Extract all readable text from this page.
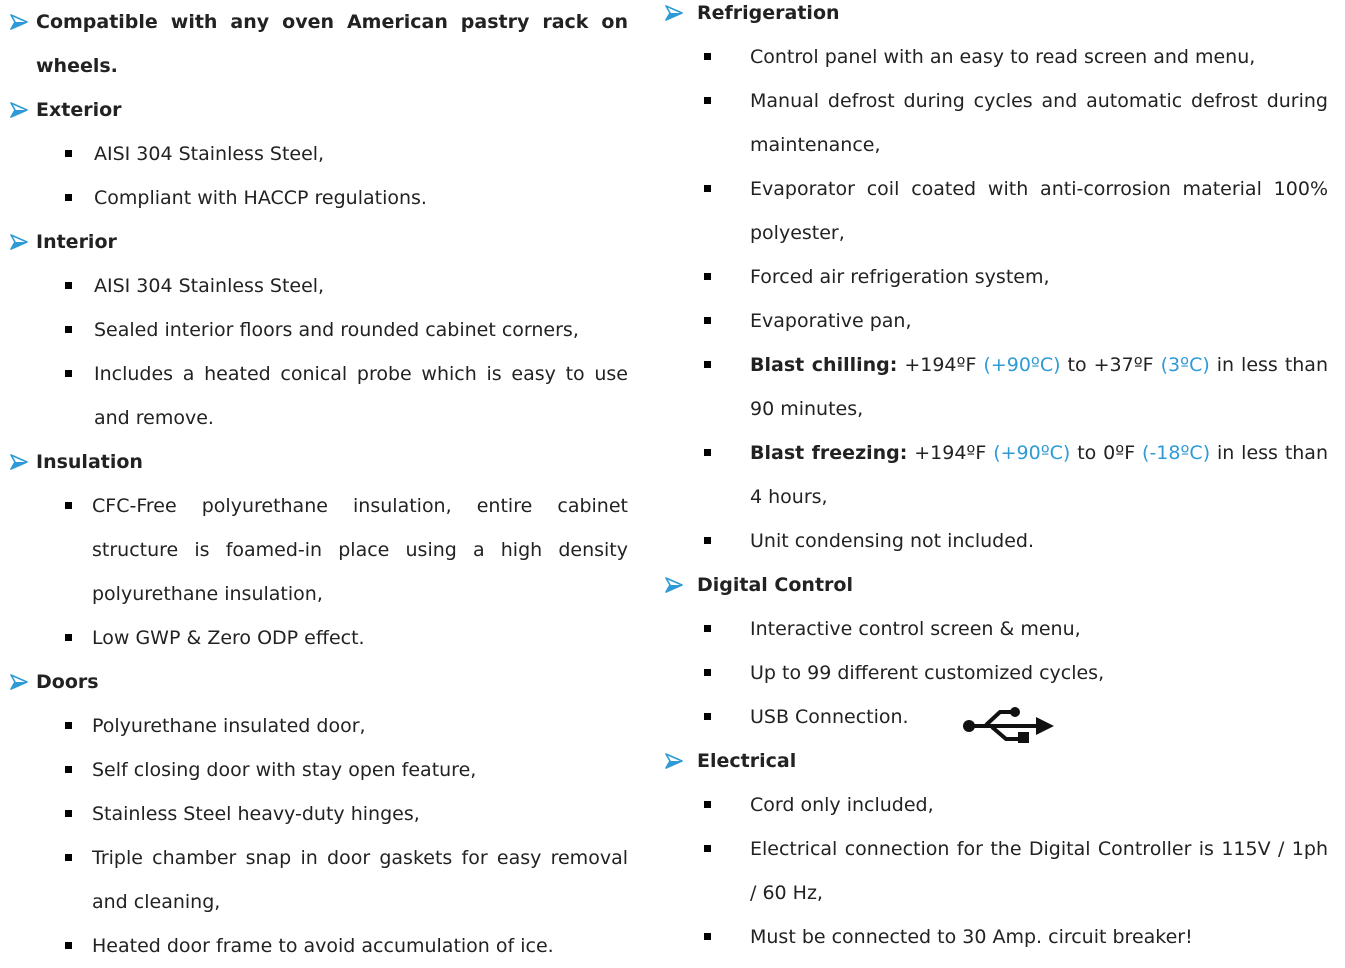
Compatible with any oven American pastry rack on wheels.
Exterior
AISI 304 Stainless Steel,
Compliant with HACCP regulations.
Interior
AISI 304 Stainless Steel,
Sealed interior floors and rounded cabinet corners,
Includes a heated conical probe which is easy to use and remove.
Insulation
CFC-Free polyurethane insulation, entire cabinet structure is foamed-in place using a high density polyurethane insulation,
Low GWP & Zero ODP effect.
Doors
Polyurethane insulated door,
Self closing door with stay open feature,
Stainless Steel heavy-duty hinges,
Triple chamber snap in door gaskets for easy removal and cleaning,
Heated door frame to avoid accumulation of ice.
Refrigeration
Control panel with an easy to read screen and menu,
Manual defrost during cycles and automatic defrost during maintenance,
Evaporator coil coated with anti-corrosion material 100% polyester,
Forced air refrigeration system,
Evaporative pan,
Blast chilling: +194ºF (+90ºC) to +37ºF (3ºC) in less than 90 minutes,
Blast freezing: +194ºF (+90ºC) to 0ºF (-18ºC) in less than 4 hours,
Unit condensing not included.
Digital Control
Interactive control screen & menu,
Up to 99 different customized cycles,
USB Connection.
Electrical
Cord only included,
Electrical connection for the Digital Controller is 115V / 1ph / 60 Hz,
Must be connected to 30 Amp. circuit breaker!
